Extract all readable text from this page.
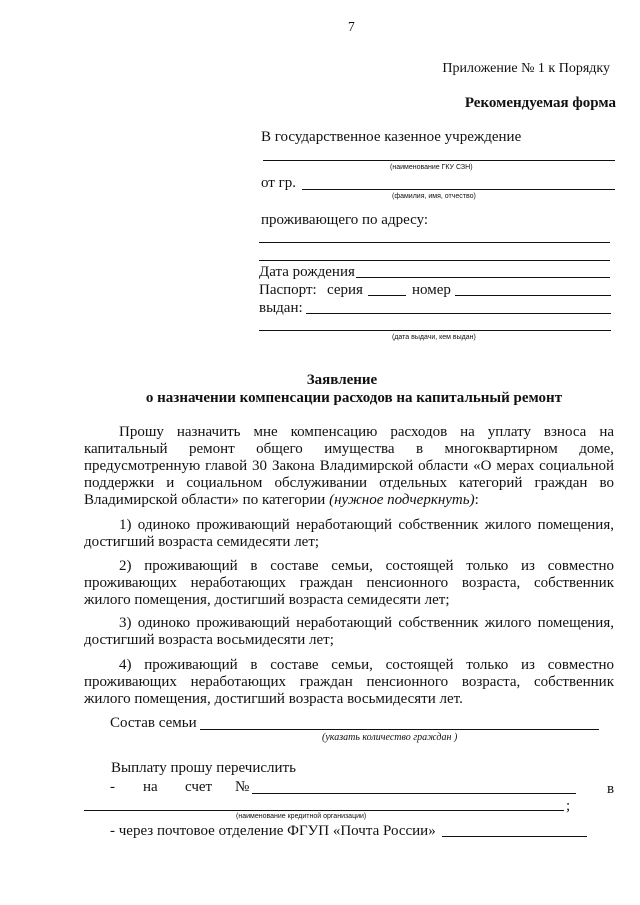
7
Приложение № 1 к Порядку
Рекомендуемая форма
В государственное казенное учреждение
(наименование ГКУ СЗН)
от гр.
(фамилия, имя, отчество)
проживающего по адресу:
Дата рождения
Паспорт: серия	номер
выдан:
(дата выдачи, кем выдан)
Заявление
о назначении компенсации расходов на капитальный ремонт
Прошу назначить мне компенсацию расходов на уплату взноса на
капитальный ремонт общего имущества в многоквартирном доме,
предусмотренную главой 30 Закона Владимирской области «О мерах социальной
поддержки и социальном обслуживании отдельных категорий граждан во
Владимирской области» по категории (нужное подчеркнуть):
1) одиноко проживающий неработающий собственник жилого помещения,
достигший возраста семидесяти лет;
2) проживающий в составе семьи, состоящей только из совместно
проживающих неработающих граждан пенсионного возраста, собственник
жилого помещения, достигший возраста семидесяти лет;
3) одиноко проживающий неработающий собственник жилого помещения,
достигший возраста восьмидесяти лет;
4) проживающий в составе семьи, состоящей только из совместно
проживающих неработающих граждан пенсионного возраста, собственник
жилого помещения, достигший возраста восьмидесяти лет.
Состав семьи
(указать количество граждан )
Выплату прошу перечислить
- на счет №	в
;
(наименование кредитной организации)
- через почтовое отделение ФГУП «Почта России»
